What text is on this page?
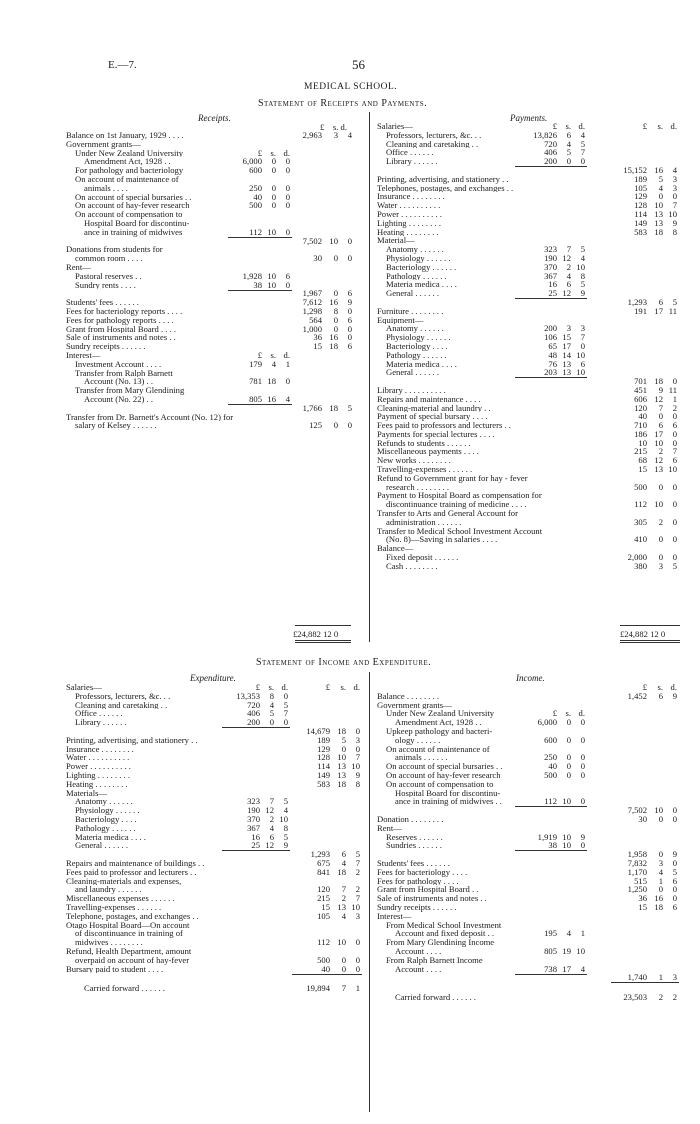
E.—7.	56
MEDICAL SCHOOL.
Statement of Receipts and Payments.
Receipts.	Payments.
£ s. d.
Balance on 1st January, 1929 . . . .	2,963	3	4
Government grants—
Under New Zealand University	£ s. d.
Amendment Act, 1928 . .	6,000	0	0
For pathology and bacteriology	600	0	0
On account of maintenance of
animals . . . .	250	0	0
On account of special bursaries . .	40	0	0
On account of hay-fever research	500	0	0
On account of compensation to
Hospital Board for discontinu-
ance in training of midwives	112 10	0
7,502 10	0
Donations from students for
common room . . . .	30	0	0
Rent—
Pastoral reserves . .	1,928 10	6
Sundry rents . . . .	38 10	0
1,967	0	6
Students' fees . . . . . .	7,612 16	9
Fees for bacteriology reports . . . .	1,298	8	0
Fees for pathology reports . . . .	564	0	6
Grant from Hospital Board . . . .	1,000	0	0
Sale of instruments and notes . .	36 16	0
Sundry receipts . . . . . .	15 18	6
Interest—	£ s. d.
Investment Account . . . .	179	4	1
Transfer from Ralph Barnett
Account (No. 13) . .	781 18	0
Transfer from Mary Glendining
Account (No. 22) . .	805 16	4
1,766 18	5
Transfer from Dr. Barnett's Account (No. 12) for
salary of Kelsey . . . . . .	125	0	0
Salaries—	£ s. d.	£	s. d.
Professors, lecturers, &c. . .	13,826	6	4
Cleaning and caretaking . .	720	4	5
Office . . . . . .	406	5	7
Library . . . . . .	200	0	0
15,152 16	4
Printing, advertising, and stationery . .	189	5	3
Telephones, postages, and exchanges . .	105	4	3
Insurance . . . . . . . .	129	0	0
Water . . . . . . . . . .	128 10	7
Power . . . . . . . . . .	114 13 10
Lighting . . . . . . . .	149 13	9
Heating . . . . . . . .	583 18	8
Material—
Anatomy . . . . . .	323	7	5
Physiology . . . . . .	190 12	4
Bacteriology . . . . . .	370	2 10
Pathology . . . . . .	367	4	8
Materia medica . . . .	16	6	5
General . . . . . .	25 12	9
1,293	6	5
Furniture . . . . . . . .	191 17 11
Equipment—
Anatomy . . . . . .	200	3	3
Physiology . . . . . .	106 15	7
Bacteriology . . . .	65 17	0
Pathology . . . . . .	48 14 10
Materia medica . . . .	76 13	6
General . . . . . .	203 13 10
701 18	0
Library . . . . . . . . . .	451	9 11
Repairs and maintenance . . . .	606 12	1
Cleaning-material and laundry . .	120	7	2
Payment of special bursary . . . .	40	0	0
Fees paid to professors and lecturers . .	710	6	6
Payments for special lectures . . . .	186 17	0
Refunds to students . . . . . .	10 10	0
Miscellaneous payments . . . .	215	2	7
New works . . . . . . . .	68 12	6
Travelling-expenses . . . . . .	15 13 10
Refund to Government grant for hay - fever
research . . . . . . . .	500	0	0
Payment to Hospital Board as compensation for
discontinuance training of medicine . . . .	112 10	0
Transfer to Arts and General Account for
administration . . . . . .	305	2	0
Transfer to Medical School Investment Account
(No. 8)—Saving in salaries . . . .	410	0	0
Balance—
Fixed deposit . . . . . .	2,000	0	0
Cash . . . . . . . .	380	3	5
£24,882 12 0	£24,882 12 0
Statement of Income and Expenditure.
Expenditure.	Income.
Salaries—	£ s. d.	£	s. d.
Professors, lecturers, &c. . .	13,353	8	0
Cleaning and caretaking . .	720	4	5
Office . . . . . .	406	5	7
Library . . . . . .	200	0	0
14,679 18	0
Printing, advertising, and stationery . .	189	5	3
Insurance . . . . . . . .	129	0	0
Water . . . . . . . . . .	128 10	7
Power . . . . . . . . . .	114 13 10
Lighting . . . . . . . .	149 13	9
Heating . . . . . . . .	583 18	8
Materials—
Anatomy . . . . . .	323	7	5
Physiology . . . . . .	190 12	4
Bacteriology . . . .	370	2 10
Pathology . . . . . .	367	4	8
Materia medica . . . .	16	6	5
General . . . . . .	25 12	9
1,293	6	5
Repairs and maintenance of buildings . .	675	4	7
Fees paid to professor and lecturers . .	841 18	2
Cleaning-materials and expenses,
and laundry . . . . . .	120	7	2
Miscellaneous expenses . . . . . .	215	2	7
Travelling-expenses . . . . . .	15 13 10
Telephone, postages, and exchanges . .	105	4	3
Otago Hospital Board—On account
of discontinuance in training of
midwives . . . . . . . .	112 10	0
Refund, Health Department, amount
overpaid on account of hay-fever	500	0	0
Bursary paid to student . . . .	40	0	0
Carried forward . . . . . .	19,894	7	1
£	s. d.
Balance . . . . . . . .	1,452	6	9
Government grants—
Under New Zealand University	£ s. d.
Amendment Act, 1928 . .	6,000	0	0
Upkeep pathology and bacteri-
ology . . . . . .	600	0	0
On account of maintenance of
animals . . . . . .	250	0	0
On account of special bursaries . .	40	0	0
On account of hay-fever research	500	0	0
On account of compensation to
Hospital Board for discontinu-
ance in training of midwives . .	112 10	0
7,502 10	0
Donation . . . . . . . .	30	0	0
Rent—
Reserves . . . . . .	1,919 10	9
Sundries . . . . . .	38 10	0
1,958	0	9
Students' fees . . . . . .	7,832	3	0
Fees for bacteriology . . . .	1,170	4	5
Fees for pathology . . . .	515	1	6
Grant from Hospital Board . .	1,250	0	0
Sale of instruments and notes . .	36 16	0
Sundry receipts . . . . . .	15 18	6
Interest—
From Medical School Investment
Account and fixed deposit . .	195	4	1
From Mary Glendining Income
Account . . . .	805 19 10
From Ralph Barnett Income
Account . . . .	738 17	4
1,740	1	3
Carried forward . . . . . .	23,503	2	2
